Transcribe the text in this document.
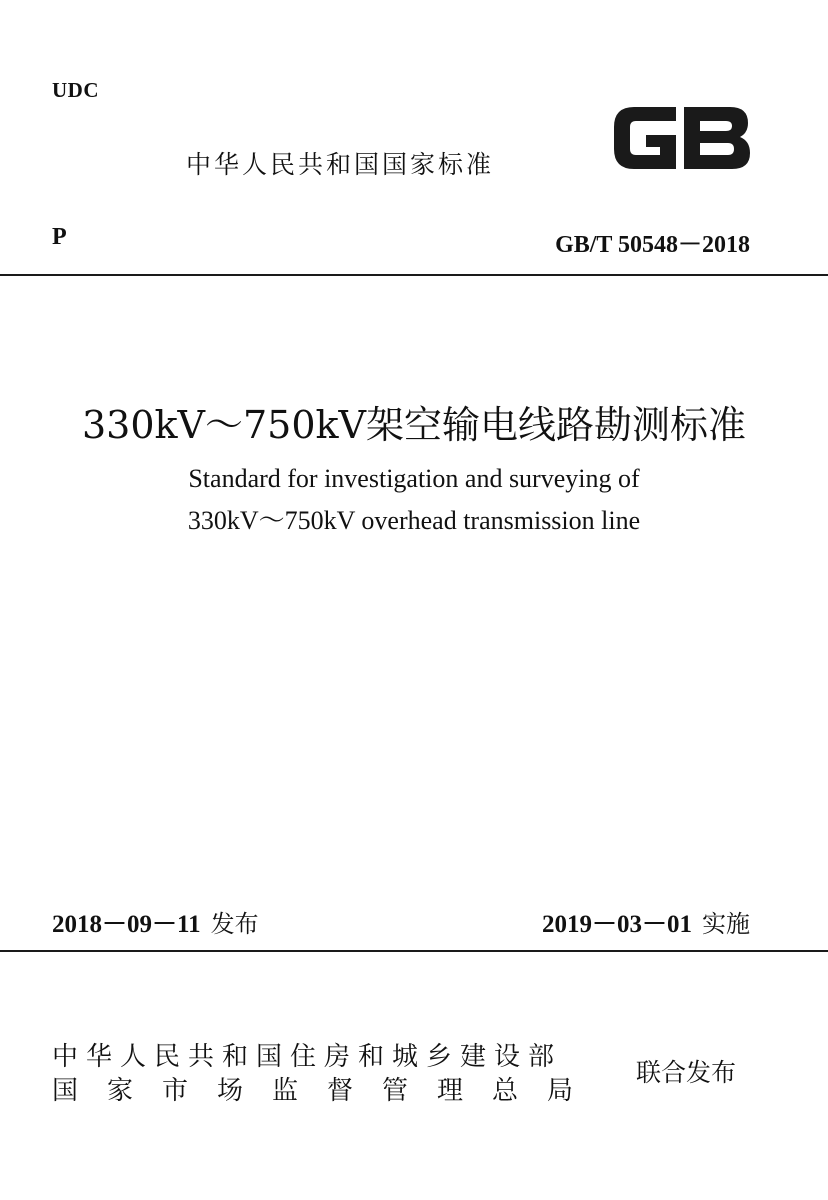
UDC
中华人民共和国国家标准
P	GB/T 50548－2018
330kV～750kV架空输电线路勘测标准
Standard for investigation and surveying of
330kV～750kV overhead transmission line
2018－09－11 发布	2019－03－01 实施
中华人民共和国住房和城乡建设部
国家市场监督管理总局
联合发布
